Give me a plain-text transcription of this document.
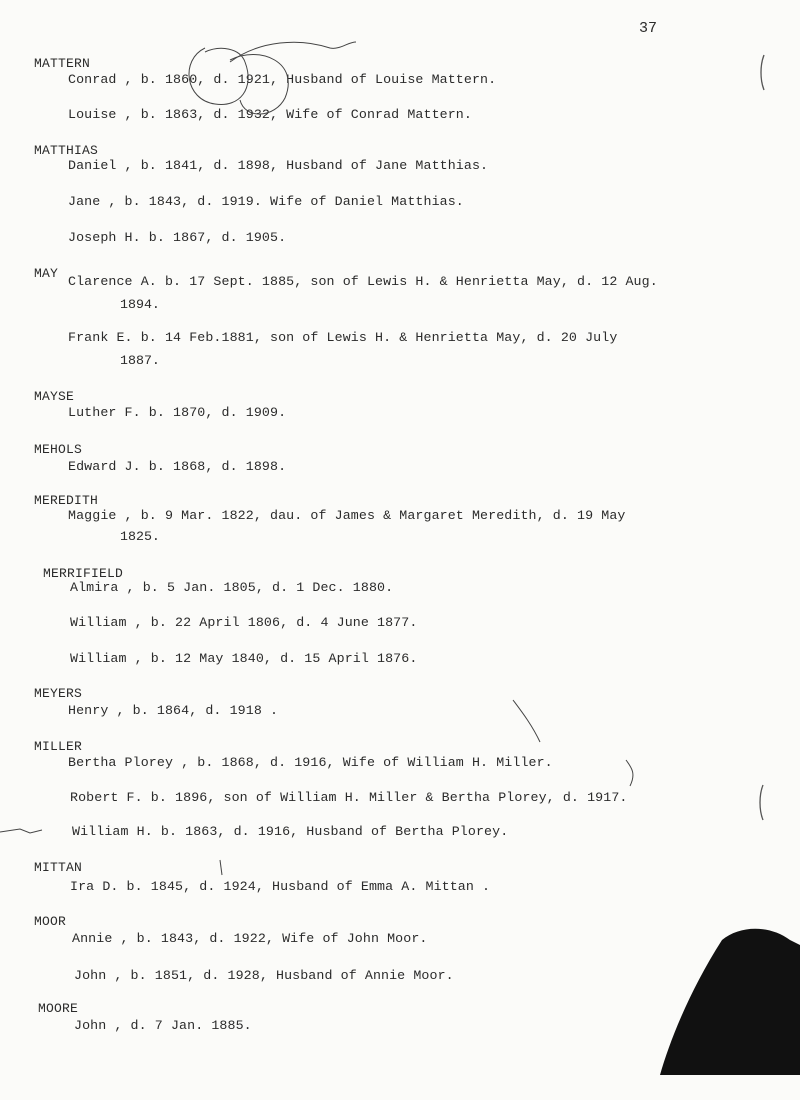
37
MATTERN
Conrad , b. 1860, d. 1921, Husband of Louise Mattern.
Louise , b. 1863, d. 1932, Wife of Conrad Mattern.
MATTHIAS
Daniel , b. 1841, d. 1898, Husband of Jane Matthias.
Jane , b. 1843, d. 1919. Wife of Daniel Matthias.
Joseph H. b. 1867, d. 1905.
MAY
Clarence A. b. 17 Sept. 1885, son of Lewis H. & Henrietta May, d. 12 Aug.
1894.
Frank E. b. 14 Feb.1881, son of Lewis H. & Henrietta May, d. 20 July
1887.
MAYSE
Luther F. b. 1870, d. 1909.
MEHOLS
Edward J. b. 1868, d. 1898.
MEREDITH
Maggie , b. 9 Mar. 1822, dau. of James & Margaret Meredith, d. 19 May
1825.
MERRIFIELD
Almira , b. 5 Jan. 1805, d. 1 Dec. 1880.
William , b. 22 April 1806, d. 4 June 1877.
William , b. 12 May 1840, d. 15 April 1876.
MEYERS
Henry , b. 1864, d. 1918 .
MILLER
Bertha Plorey , b. 1868, d. 1916, Wife of William H. Miller.
Robert F. b. 1896, son of William H. Miller & Bertha Plorey, d. 1917.
William H. b. 1863, d. 1916, Husband of Bertha Plorey.
MITTAN
Ira D. b. 1845, d. 1924, Husband of Emma A. Mittan .
MOOR
Annie , b. 1843, d. 1922, Wife of John Moor.
John , b. 1851, d. 1928, Husband of Annie Moor.
MOORE
John , d. 7 Jan. 1885.
